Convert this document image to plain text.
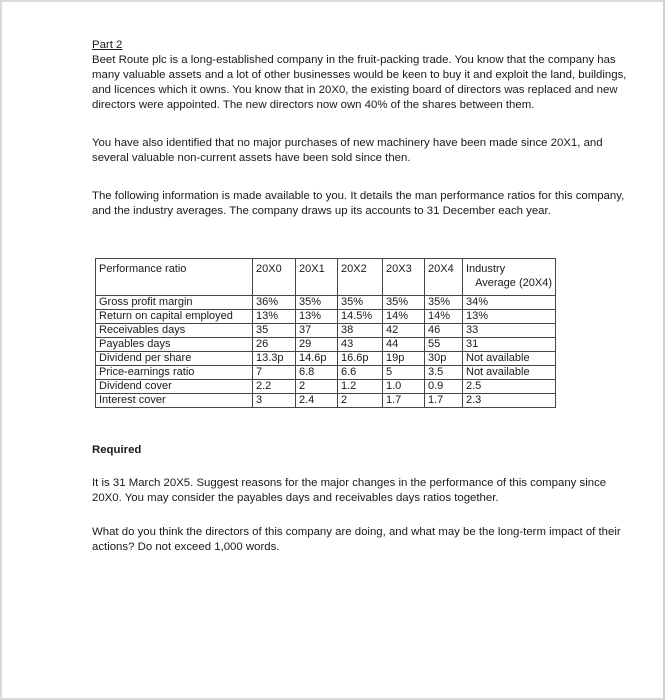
Part 2

Beet Route plc is a long-established company in the fruit-packing trade. You know that the company has many valuable assets and a lot of other businesses would be keen to buy it and exploit the land, buildings, and licences which it owns. You know that in 20X0, the existing board of directors was replaced and new directors were appointed. The new directors now own 40% of the shares between them.

You have also identified that no major purchases of new machinery have been made since 20X1, and several valuable non-current assets have been sold since then.

The following information is made available to you. It details the man performance ratios for this company, and the industry averages. The company draws up its accounts to 31 December each year.

Performance ratio	20X0	20X1	20X2	20X3	20X4	Industry
Average (20X4)

Gross profit margin	36%	35%	35%	35%	35%	34%
Return on capital employed	13%	13%	14.5%	14%	14%	13%
Receivables days	35	37	38	42	46	33
Payables days	26	29	43	44	55	31
Dividend per share	13.3p	14.6p	16.6p	19p	30p	Not available
Price-earnings ratio	7	6.8	6.6	5	3.5	Not available
Dividend cover	2.2	2	1.2	1.0	0.9	2.5
Interest cover	3	2.4	2	1.7	1.7	2.3

Required

It is 31 March 20X5. Suggest reasons for the major changes in the performance of this company since 20X0. You may consider the payables days and receivables days ratios together.

What do you think the directors of this company are doing, and what may be the long-term impact of their actions? Do not exceed 1,000 words.
